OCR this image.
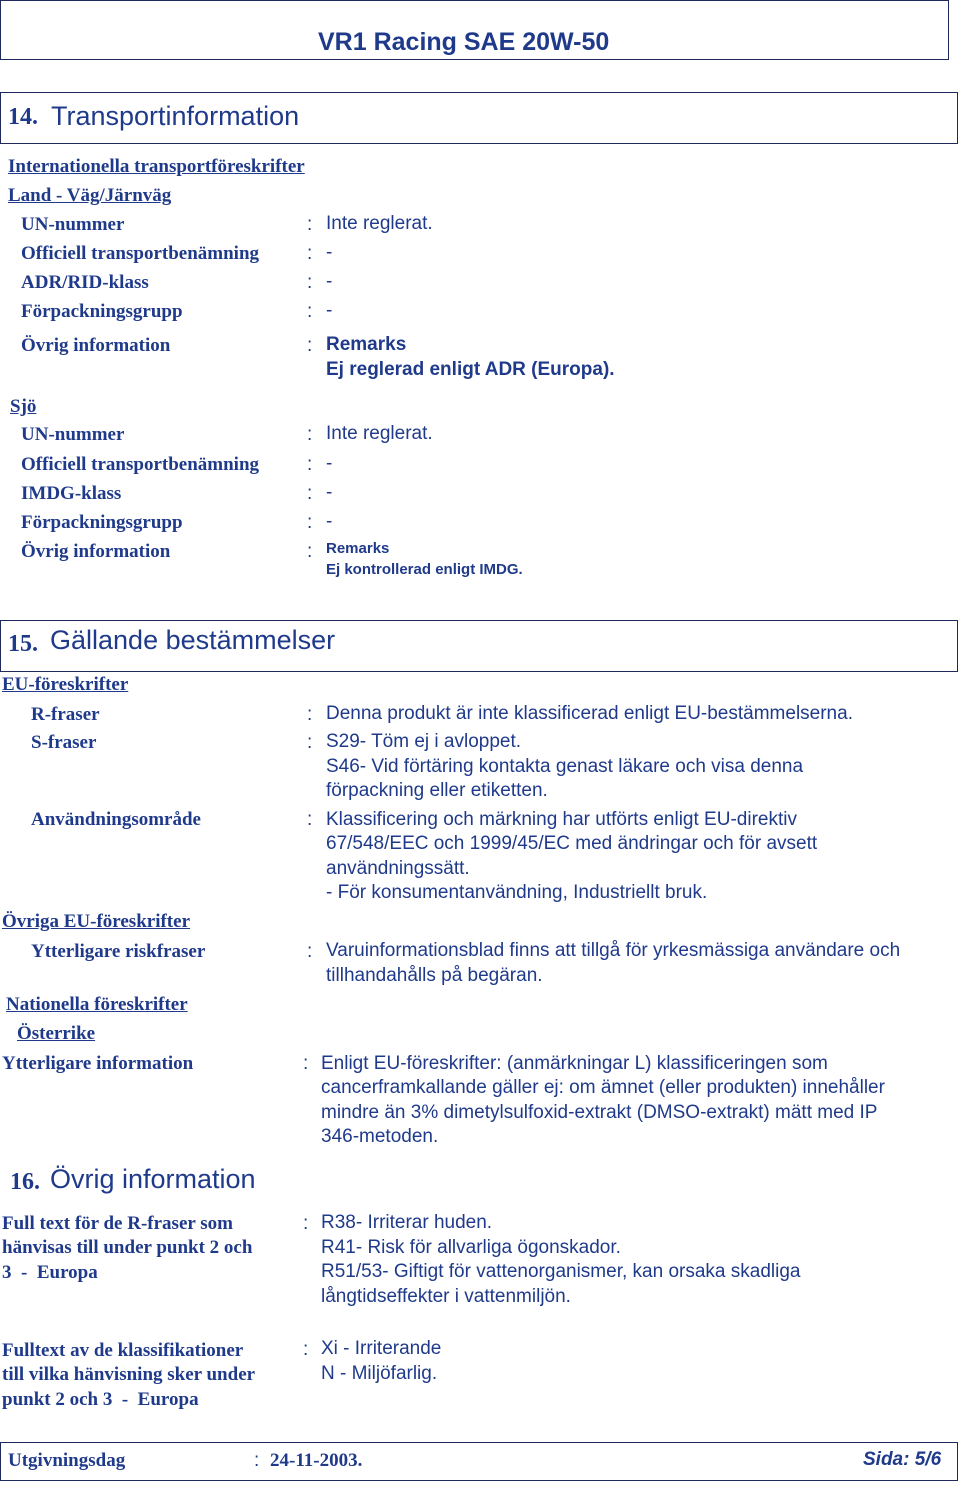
VR1 Racing SAE 20W-50
14. Transportinformation
Internationella transportföreskrifter
Land - Väg/Järnväg
UN-nummer	: Inte reglerat.
Officiell transportbenämning	: -
ADR/RID-klass	: -
Förpackningsgrupp	: -
Övrig information	: Remarks
Ej reglerad enligt ADR (Europa).
Sjö
UN-nummer	: Inte reglerat.
Officiell transportbenämning	: -
IMDG-klass	: -
Förpackningsgrupp	: -
Övrig information	: Remarks
Ej kontrollerad enligt IMDG.
15. Gällande bestämmelser
EU-föreskrifter
R-fraser	: Denna produkt är inte klassificerad enligt EU-bestämmelserna.
S-fraser	: S29- Töm ej i avloppet.
S46- Vid förtäring kontakta genast läkare och visa denna
förpackning eller etiketten.
Användningsområde	: Klassificering och märkning har utförts enligt EU-direktiv
67/548/EEC och 1999/45/EC med ändringar och för avsett
användningssätt.
- För konsumentanvändning, Industriellt bruk.
Övriga EU-föreskrifter
Ytterligare riskfraser	: Varuinformationsblad finns att tillgå för yrkesmässiga användare och
tillhandahålls på begäran.
Nationella föreskrifter
Österrike
Ytterligare information	: Enligt EU-föreskrifter: (anmärkningar L) klassificeringen som
cancerframkallande gäller ej: om ämnet (eller produkten) innehåller
mindre än 3% dimetylsulfoxid-extrakt (DMSO-extrakt) mätt med IP
346-metoden.
16. Övrig information
Full text för de R-fraser som
hänvisas till under punkt 2 och
3  -  Europa
: R38- Irriterar huden.
R41- Risk för allvarliga ögonskador.
R51/53- Giftigt för vattenorganismer, kan orsaka skadliga
långtidseffekter i vattenmiljön.
Fulltext av de klassifikationer
till vilka hänvisning sker under
punkt 2 och 3  -  Europa
: Xi - Irriterande
N - Miljöfarlig.
Utgivningsdag	: 24-11-2003.	Sida: 5/6
